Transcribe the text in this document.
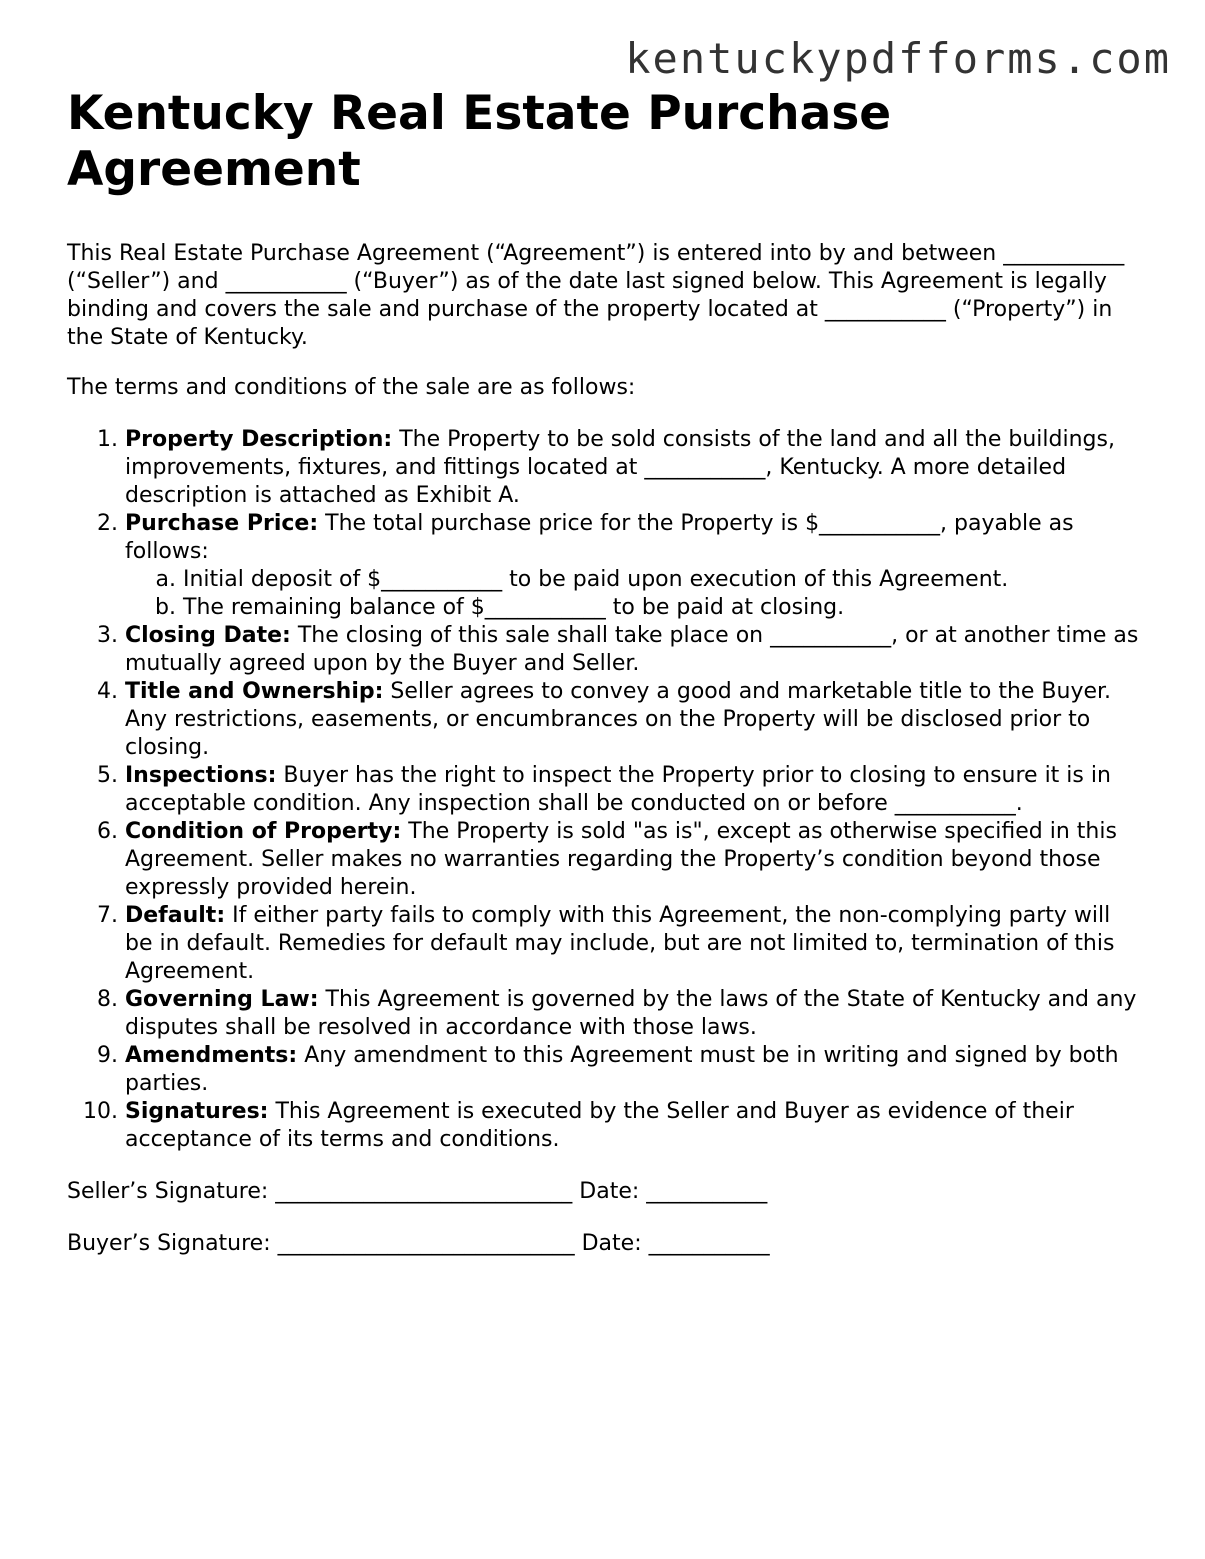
kentuckypdfforms.com
Kentucky Real Estate Purchase Agreement

This Real Estate Purchase Agreement (“Agreement”) is entered into by and between ___________ (“Seller”) and ___________ (“Buyer”) as of the date last signed below. This Agreement is legally binding and covers the sale and purchase of the property located at ___________ (“Property”) in the State of Kentucky.

The terms and conditions of the sale are as follows:

1. Property Description: The Property to be sold consists of the land and all the buildings, improvements, fixtures, and fittings located at ___________, Kentucky. A more detailed description is attached as Exhibit A.
2. Purchase Price: The total purchase price for the Property is $___________, payable as follows:
a. Initial deposit of $___________ to be paid upon execution of this Agreement.
b. The remaining balance of $___________ to be paid at closing.
3. Closing Date: The closing of this sale shall take place on ___________, or at another time as mutually agreed upon by the Buyer and Seller.
4. Title and Ownership: Seller agrees to convey a good and marketable title to the Buyer. Any restrictions, easements, or encumbrances on the Property will be disclosed prior to closing.
5. Inspections: Buyer has the right to inspect the Property prior to closing to ensure it is in acceptable condition. Any inspection shall be conducted on or before ___________.
6. Condition of Property: The Property is sold "as is", except as otherwise specified in this Agreement. Seller makes no warranties regarding the Property’s condition beyond those expressly provided herein.
7. Default: If either party fails to comply with this Agreement, the non-complying party will be in default. Remedies for default may include, but are not limited to, termination of this Agreement.
8. Governing Law: This Agreement is governed by the laws of the State of Kentucky and any disputes shall be resolved in accordance with those laws.
9. Amendments: Any amendment to this Agreement must be in writing and signed by both parties.
10. Signatures: This Agreement is executed by the Seller and Buyer as evidence of their acceptance of its terms and conditions.

Seller’s Signature: ___________________________ Date: ___________

Buyer’s Signature: ___________________________ Date: ___________
